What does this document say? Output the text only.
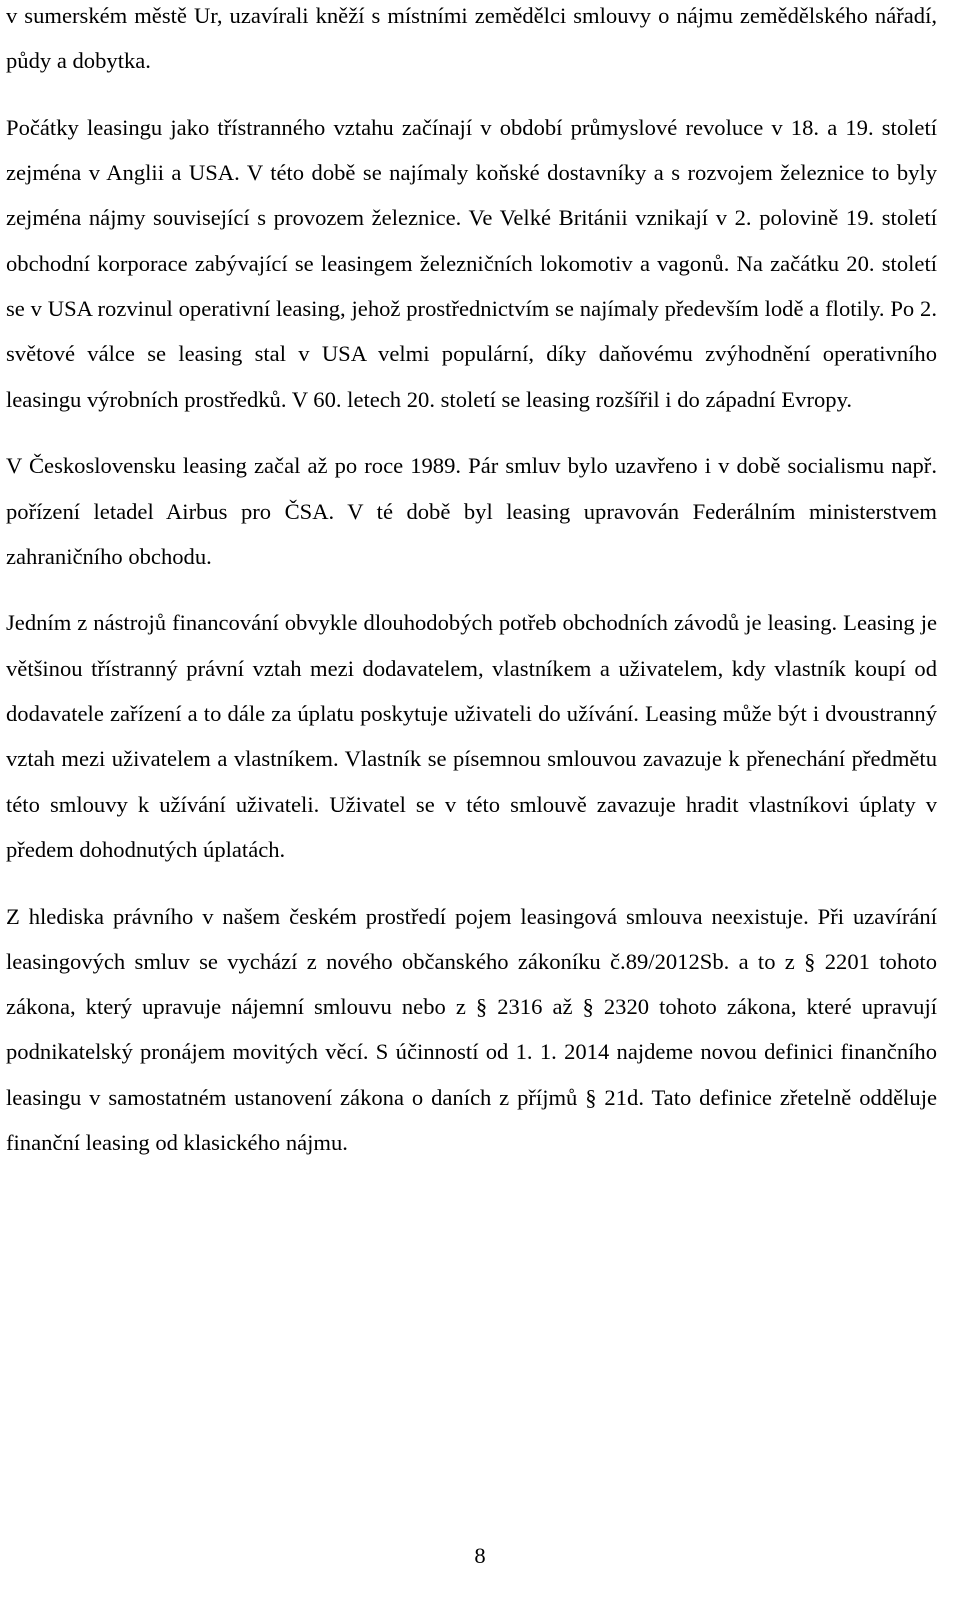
v sumerském městě Ur, uzavírali kněží s místními zemědělci smlouvy o nájmu zemědělského nářadí, půdy a dobytka.

Počátky leasingu jako třístranného vztahu začínají v období průmyslové revoluce v 18. a 19. století zejména v Anglii a USA. V této době se najímaly koňské dostavníky a s rozvojem železnice to byly zejména nájmy související s provozem železnice. Ve Velké Británii vznikají v 2. polovině 19. století obchodní korporace zabývající se leasingem železničních lokomotiv a vagonů. Na začátku 20. století se v USA rozvinul operativní leasing, jehož prostřednictvím se najímaly především lodě a flotily. Po 2. světové válce se leasing stal v USA velmi populární, díky daňovému zvýhodnění operativního leasingu výrobních prostředků. V 60. letech 20. století se leasing rozšířil i do západní Evropy.

V Československu leasing začal až po roce 1989. Pár smluv bylo uzavřeno i v době socialismu např. pořízení letadel Airbus pro ČSA. V té době byl leasing upravován Federálním ministerstvem zahraničního obchodu.

Jedním z nástrojů financování obvykle dlouhodobých potřeb obchodních závodů je leasing. Leasing je většinou třístranný právní vztah mezi dodavatelem, vlastníkem a uživatelem, kdy vlastník koupí od dodavatele zařízení a to dále za úplatu poskytuje uživateli do užívání. Leasing může být i dvoustranný vztah mezi uživatelem a vlastníkem. Vlastník se písemnou smlouvou zavazuje k přenechání předmětu této smlouvy k užívání uživateli. Uživatel se v této smlouvě zavazuje hradit vlastníkovi úplaty v předem dohodnutých úplatách.

Z hlediska právního v našem českém prostředí pojem leasingová smlouva neexistuje. Při uzavírání leasingových smluv se vychází z nového občanského zákoníku č.89/2012Sb. a to z § 2201 tohoto zákona, který upravuje nájemní smlouvu nebo z § 2316 až § 2320 tohoto zákona, které upravují podnikatelský pronájem movitých věcí. S účinností od 1. 1. 2014 najdeme novou definici finančního leasingu v samostatném ustanovení zákona o daních z příjmů § 21d. Tato definice zřetelně odděluje finanční leasing od klasického nájmu.

8
